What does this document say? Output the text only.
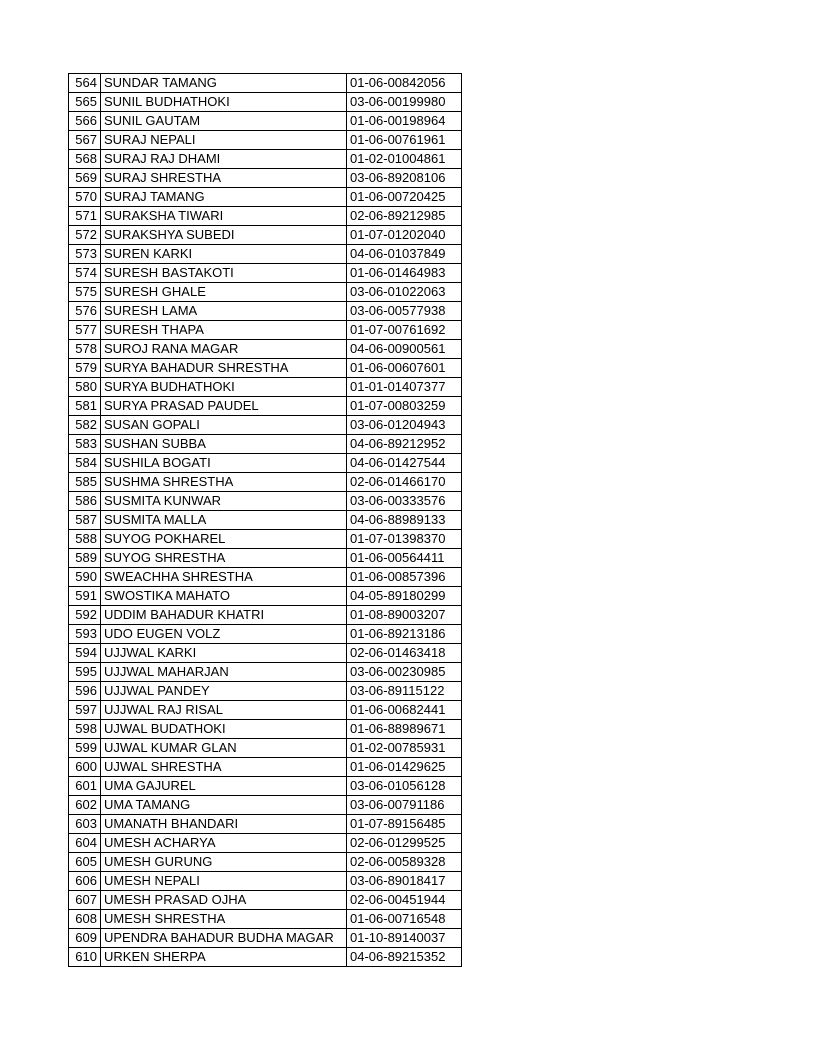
564	SUNDAR TAMANG	01-06-00842056
565	SUNIL BUDHATHOKI	03-06-00199980
566	SUNIL GAUTAM	01-06-00198964
567	SURAJ NEPALI	01-06-00761961
568	SURAJ RAJ DHAMI	01-02-01004861
569	SURAJ SHRESTHA	03-06-89208106
570	SURAJ TAMANG	01-06-00720425
571	SURAKSHA TIWARI	02-06-89212985
572	SURAKSHYA SUBEDI	01-07-01202040
573	SUREN KARKI	04-06-01037849
574	SURESH BASTAKOTI	01-06-01464983
575	SURESH GHALE	03-06-01022063
576	SURESH LAMA	03-06-00577938
577	SURESH THAPA	01-07-00761692
578	SUROJ RANA MAGAR	04-06-00900561
579	SURYA BAHADUR SHRESTHA	01-06-00607601
580	SURYA BUDHATHOKI	01-01-01407377
581	SURYA PRASAD PAUDEL	01-07-00803259
582	SUSAN GOPALI	03-06-01204943
583	SUSHAN SUBBA	04-06-89212952
584	SUSHILA BOGATI	04-06-01427544
585	SUSHMA SHRESTHA	02-06-01466170
586	SUSMITA KUNWAR	03-06-00333576
587	SUSMITA MALLA	04-06-88989133
588	SUYOG POKHAREL	01-07-01398370
589	SUYOG SHRESTHA	01-06-00564411
590	SWEACHHA SHRESTHA	01-06-00857396
591	SWOSTIKA MAHATO	04-05-89180299
592	UDDIM BAHADUR KHATRI	01-08-89003207
593	UDO EUGEN VOLZ	01-06-89213186
594	UJJWAL KARKI	02-06-01463418
595	UJJWAL MAHARJAN	03-06-00230985
596	UJJWAL PANDEY	03-06-89115122
597	UJJWAL RAJ RISAL	01-06-00682441
598	UJWAL BUDATHOKI	01-06-88989671
599	UJWAL KUMAR GLAN	01-02-00785931
600	UJWAL SHRESTHA	01-06-01429625
601	UMA GAJUREL	03-06-01056128
602	UMA TAMANG	03-06-00791186
603	UMANATH BHANDARI	01-07-89156485
604	UMESH ACHARYA	02-06-01299525
605	UMESH GURUNG	02-06-00589328
606	UMESH NEPALI	03-06-89018417
607	UMESH PRASAD OJHA	02-06-00451944
608	UMESH SHRESTHA	01-06-00716548
609	UPENDRA BAHADUR BUDHA MAGAR	01-10-89140037
610	URKEN SHERPA	04-06-89215352
